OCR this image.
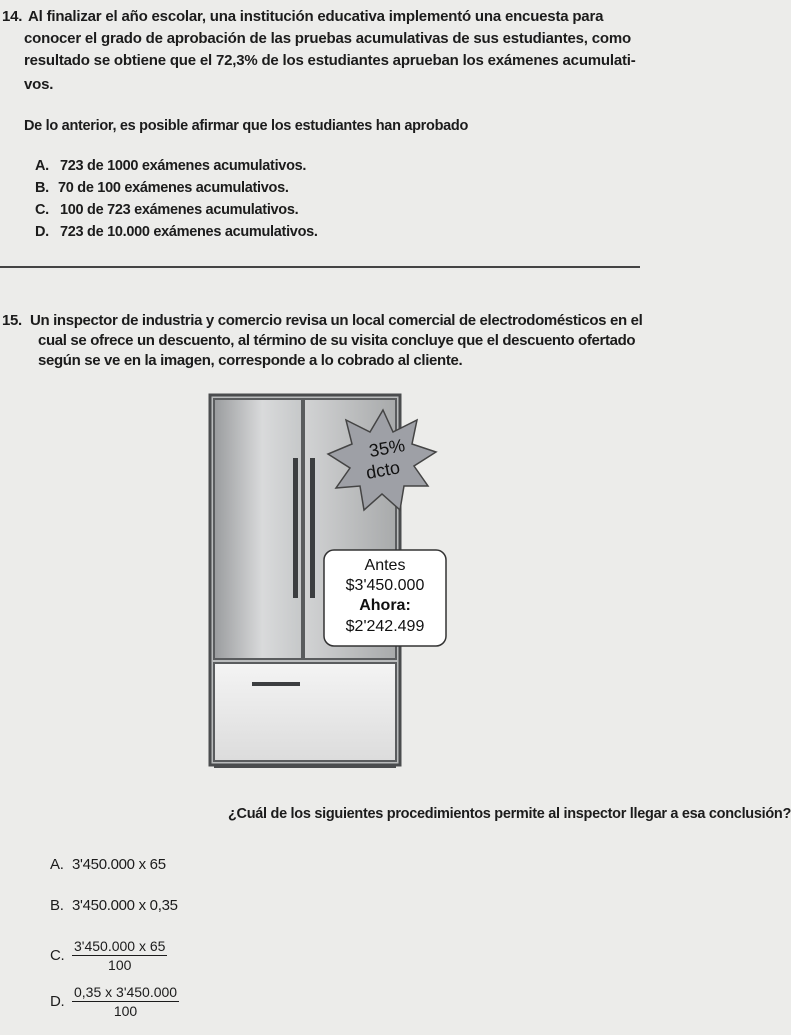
14. Al finalizar el año escolar, una institución educativa implementó una encuesta para
conocer el grado de aprobación de las pruebas acumulativas de sus estudiantes, como
resultado se obtiene que el 72,3% de los estudiantes aprueban los exámenes acumulati-
vos.
De lo anterior, es posible afirmar que los estudiantes han aprobado
A. 723 de 1000 exámenes acumulativos.
B. 70 de 100 exámenes acumulativos.
C. 100 de 723 exámenes acumulativos.
D. 723 de 10.000 exámenes acumulativos.
15. Un inspector de industria y comercio revisa un local comercial de electrodomésticos en el
cual se ofrece un descuento, al término de su visita concluye que el descuento ofertado
según se ve en la imagen, corresponde a lo cobrado al cliente.
35%
dcto
Antes
$3'450.000
Ahora:
$2'242.499
¿Cuál de los siguientes procedimientos permite al inspector llegar a esa conclusión?
A. 3'450.000 x 65
B. 3'450.000 x 0,35
C. $\frac{3'450.000 x 65}{100}$
D. $\frac{0,35 x 3'450.000}{100}$
